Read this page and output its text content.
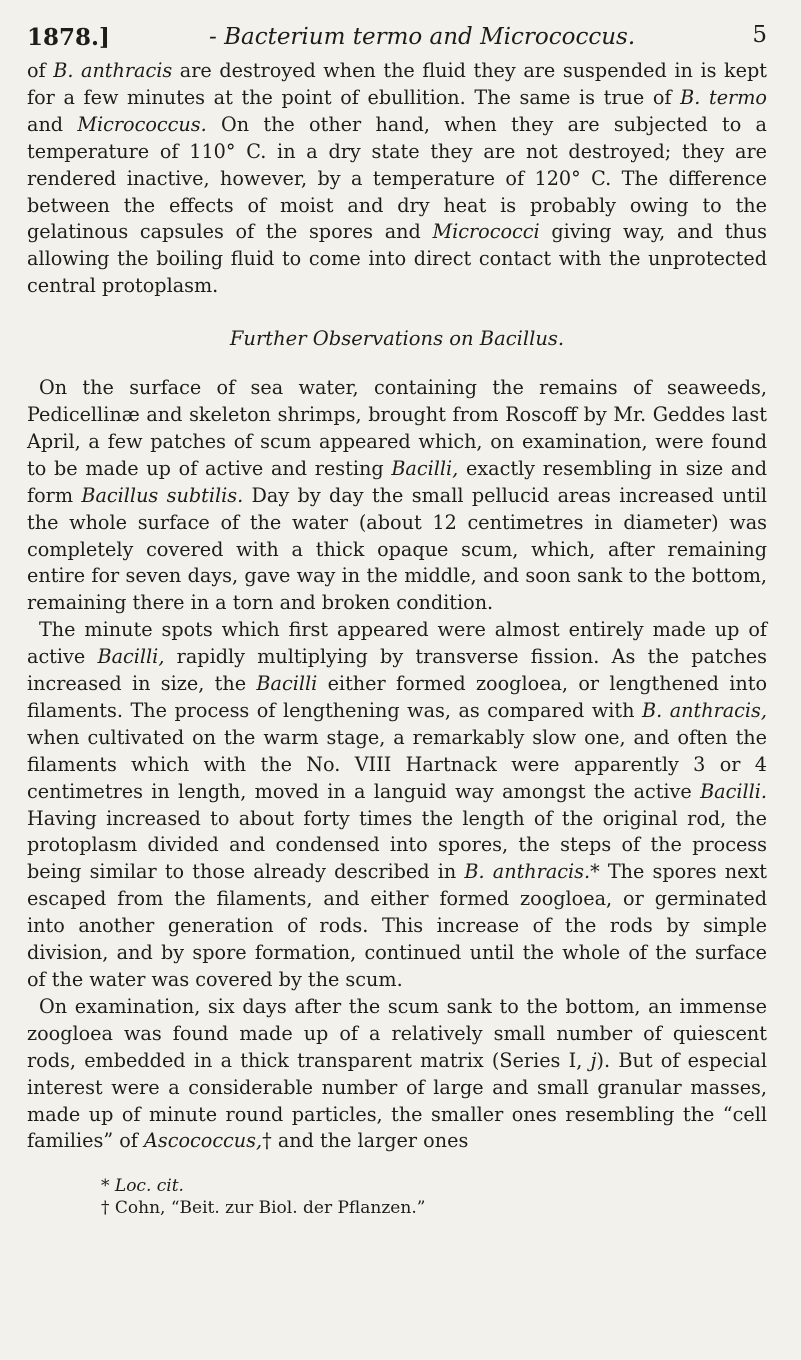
1878.]	- Bacterium termo and Micrococcus.	5

of B. anthracis are destroyed when the fluid they are suspended in is kept for a few minutes at the point of ebullition. The same is true of B. termo and Micrococcus. On the other hand, when they are subjected to a temperature of 110° C. in a dry state they are not destroyed; they are rendered inactive, however, by a temperature of 120° C. The difference between the effects of moist and dry heat is probably owing to the gelatinous capsules of the spores and Micrococci giving way, and thus allowing the boiling fluid to come into direct contact with the unprotected central protoplasm.

Further Observations on Bacillus.

On the surface of sea water, containing the remains of seaweeds, Pedicellinæ and skeleton shrimps, brought from Roscoff by Mr. Geddes last April, a few patches of scum appeared which, on examination, were found to be made up of active and resting Bacilli, exactly resembling in size and form Bacillus subtilis. Day by day the small pellucid areas increased until the whole surface of the water (about 12 centimetres in diameter) was completely covered with a thick opaque scum, which, after remaining entire for seven days, gave way in the middle, and soon sank to the bottom, remaining there in a torn and broken condition.

The minute spots which first appeared were almost entirely made up of active Bacilli, rapidly multiplying by transverse fission. As the patches increased in size, the Bacilli either formed zoogloea, or lengthened into filaments. The process of lengthening was, as compared with B. anthracis, when cultivated on the warm stage, a remarkably slow one, and often the filaments which with the No. VIII Hartnack were apparently 3 or 4 centimetres in length, moved in a languid way amongst the active Bacilli. Having increased to about forty times the length of the original rod, the protoplasm divided and condensed into spores, the steps of the process being similar to those already described in B. anthracis.* The spores next escaped from the filaments, and either formed zoogloea, or germinated into another generation of rods. This increase of the rods by simple division, and by spore formation, continued until the whole of the surface of the water was covered by the scum.

On examination, six days after the scum sank to the bottom, an immense zoogloea was found made up of a relatively small number of quiescent rods, embedded in a thick transparent matrix (Series I, j). But of especial interest were a considerable number of large and small granular masses, made up of minute round particles, the smaller ones resembling the “cell families” of Ascococcus,† and the larger ones

* Loc. cit.
† Cohn, “Beit. zur Biol. der Pflanzen.”
